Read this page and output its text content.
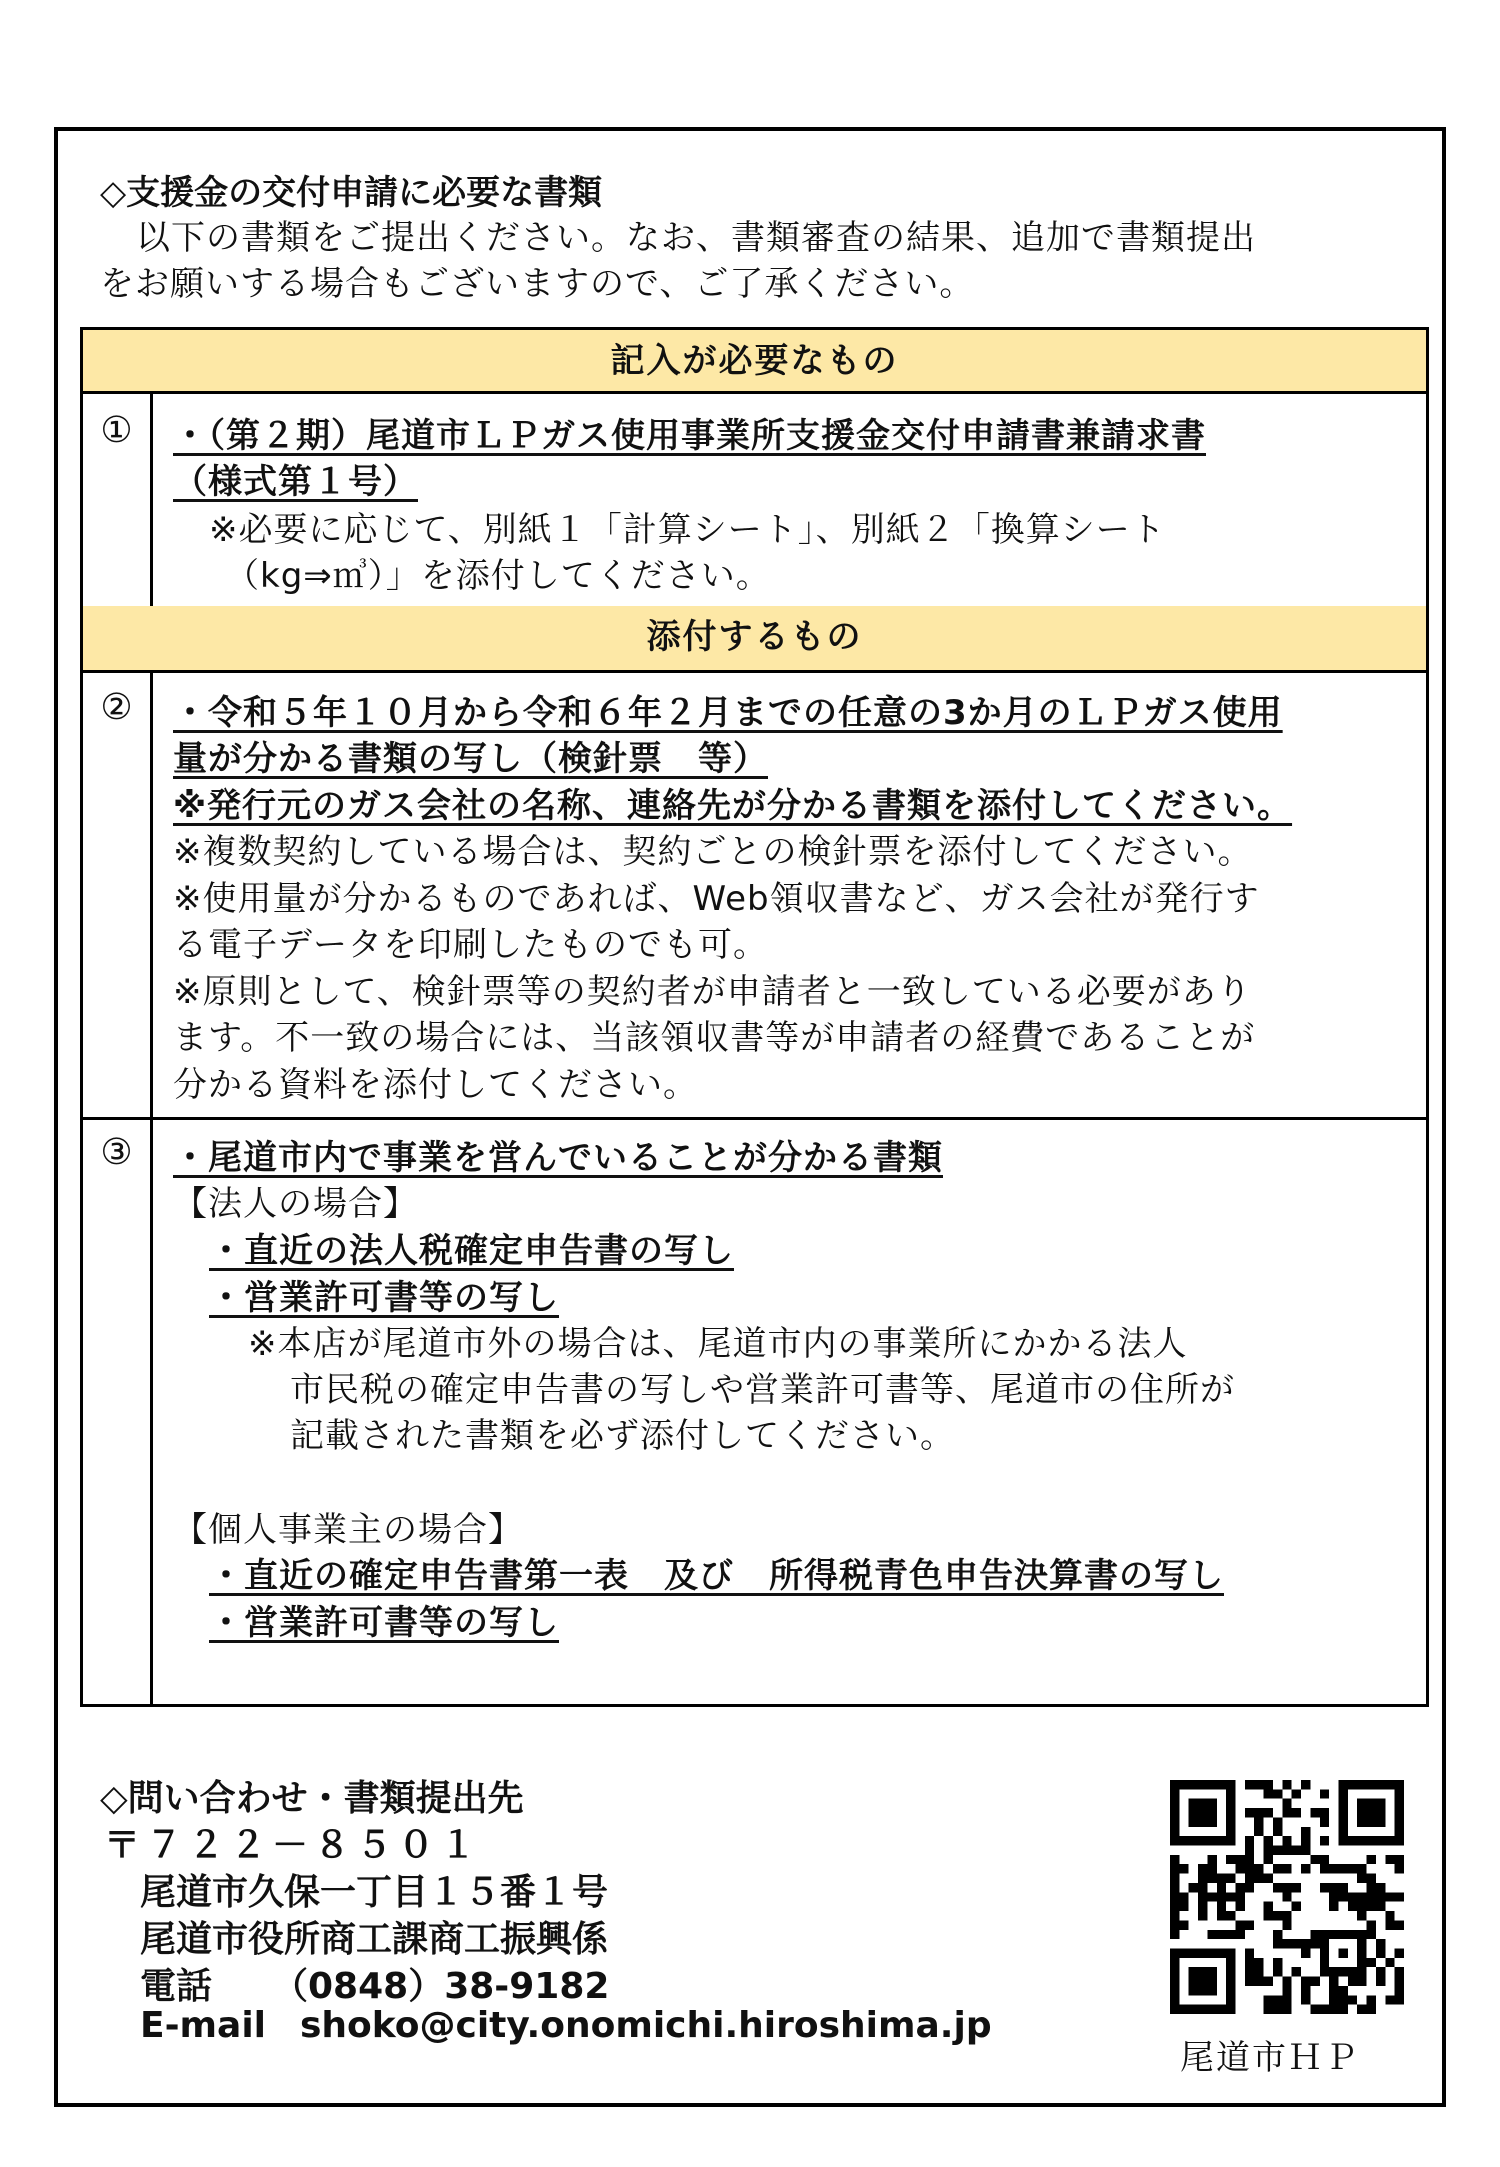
◇支援金の交付申請に必要な書類
以下の書類をご提出ください。なお、書類審査の結果、追加で書類提出
をお願いする場合もございますので、ご了承ください。
記入が必要なもの
①	・（第２期）尾道市ＬＰガス使用事業所支援金交付申請書兼請求書
（様式第１号）
※必要に応じて、別紙１「計算シート」、別紙２「換算シート
（kg⇒㎥）」を添付してください。
添付するもの
②	・令和５年１０月から令和６年２月までの任意の3か月のＬＰガス使用
量が分かる書類の写し（検針票　等）
※発行元のガス会社の名称、連絡先が分かる書類を添付してください。
※複数契約している場合は、契約ごとの検針票を添付してください。
※使用量が分かるものであれば、Web領収書など、ガス会社が発行す
る電子データを印刷したものでも可。
※原則として、検針票等の契約者が申請者と一致している必要があり
ます。不一致の場合には、当該領収書等が申請者の経費であることが
分かる資料を添付してください。
③	・尾道市内で事業を営んでいることが分かる書類
【法人の場合】
・直近の法人税確定申告書の写し
・営業許可書等の写し
※本店が尾道市外の場合は、尾道市内の事業所にかかる法人
市民税の確定申告書の写しや営業許可書等、尾道市の住所が
記載された書類を必ず添付してください。
【個人事業主の場合】
・直近の確定申告書第一表　及び　所得税青色申告決算書の写し
・営業許可書等の写し
◇問い合わせ・書類提出先
〒７２２－８５０１
尾道市久保一丁目１５番１号
尾道市役所商工課商工振興係
電話 （0848）38-9182
E-mail shoko@city.onomichi.hiroshima.jp
尾道市ＨＰ
